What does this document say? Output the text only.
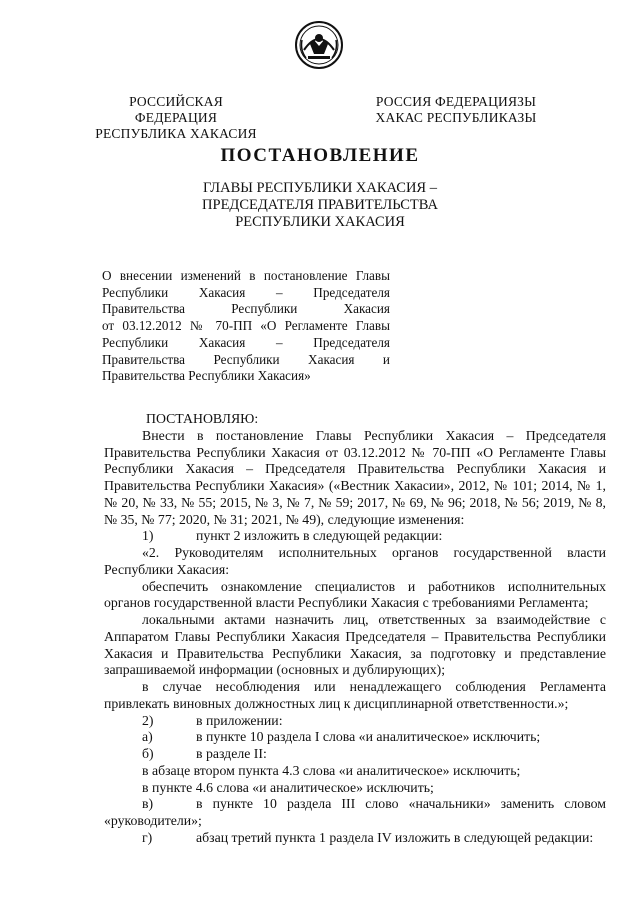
РОССИЙСКАЯ ФЕДЕРАЦИЯ
РЕСПУБЛИКА ХАКАСИЯ
РОССИЯ ФЕДЕРАЦИЯЗЫ
ХАКАС РЕСПУБЛИКАЗЫ
ПОСТАНОВЛЕНИЕ
ГЛАВЫ РЕСПУБЛИКИ ХАКАСИЯ –
ПРЕДСЕДАТЕЛЯ ПРАВИТЕЛЬСТВА
РЕСПУБЛИКИ ХАКАСИЯ
О внесении изменений в постановление Главы
Республики Хакасия – Председателя
Правительства Республики Хакасия
от 03.12.2012 № 70-ПП «О Регламенте Главы
Республики Хакасия – Председателя
Правительства Республики Хакасия и
Правительства Республики Хакасия»
ПОСТАНОВЛЯЮ:
Внести в постановление Главы Республики Хакасия – Председателя
Правительства Республики Хакасия от 03.12.2012 № 70-ПП «О Регламенте Главы
Республики Хакасия – Председателя Правительства Республики Хакасия и
Правительства Республики Хакасия» («Вестник Хакасии», 2012, № 101; 2014, № 1,
№ 20, № 33, № 55; 2015, № 3, № 7, № 59; 2017, № 69, № 96; 2018, № 56; 2019, № 8,
№ 35, № 77; 2020, № 31; 2021, № 49), следующие изменения:
1)	пункт 2 изложить в следующей редакции:
«2. Руководителям исполнительных органов государственной власти
Республики Хакасия:
обеспечить ознакомление специалистов и работников исполнительных
органов государственной власти Республики Хакасия с требованиями Регламента;
локальными актами назначить лиц, ответственных за взаимодействие с
Аппаратом Главы Республики Хакасия Председателя – Правительства Республики
Хакасия и Правительства Республики Хакасия, за подготовку и представление
запрашиваемой информации (основных и дублирующих);
в случае несоблюдения или ненадлежащего соблюдения Регламента
привлекать виновных должностных лиц к дисциплинарной ответственности.»;
2)	в приложении:
а)	в пункте 10 раздела I слова «и аналитическое» исключить;
б)	в разделе II:
в абзаце втором пункта 4.3 слова «и аналитическое» исключить;
в пункте 4.6 слова «и аналитическое» исключить;
в)	в пункте 10 раздела III слово «начальники» заменить словом
«руководители»;
г)	абзац третий пункта 1 раздела IV изложить в следующей редакции:
